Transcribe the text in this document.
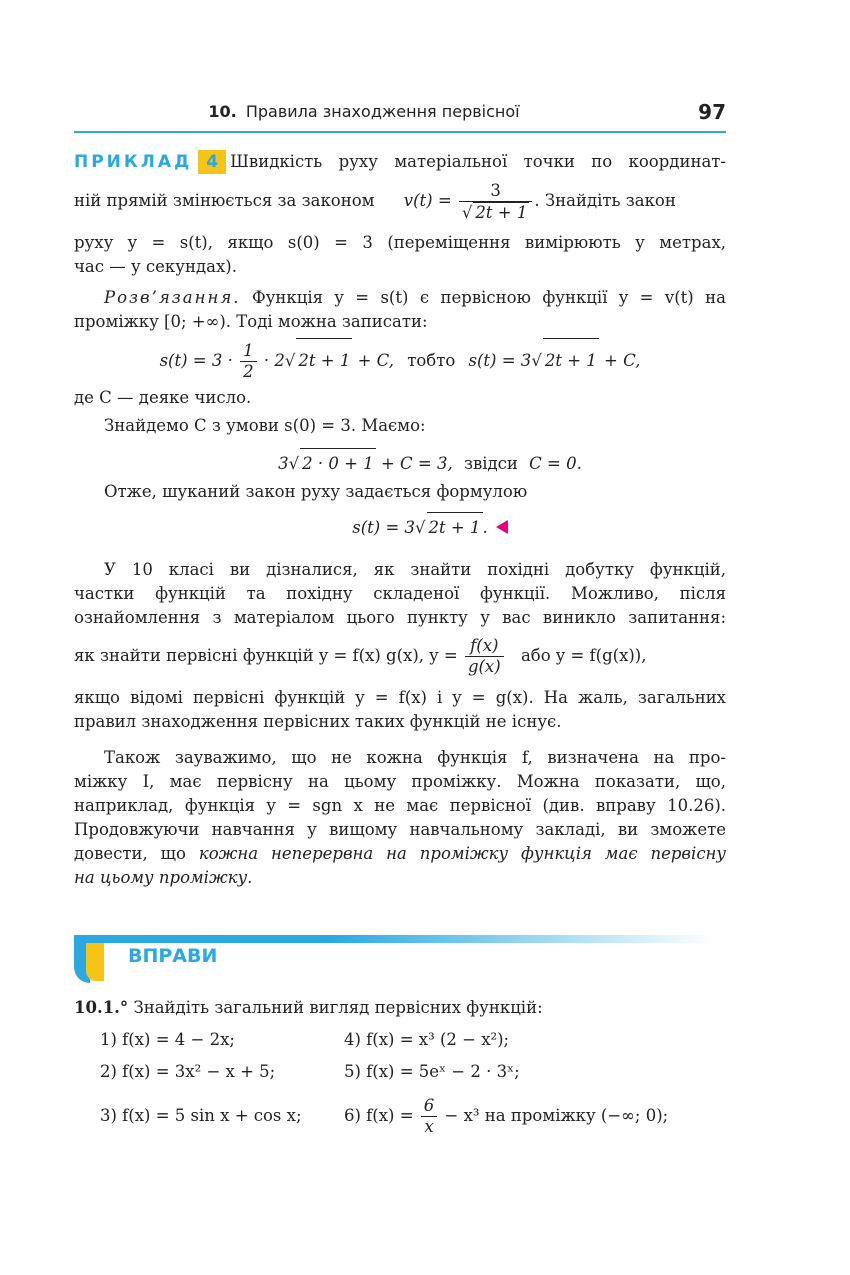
10. Правила знаходження первісної	97
ПРИКЛАД 4 Швидкість руху матеріальної точки по координат-
ній прямій змінюється за законом $v(t) = \frac{3}{√ 2t + 1}$ . Знайдіть закон
руху y = s(t), якщо s(0) = 3 (переміщення вимірюють у метрах,
час — у секундах).
Розв’язання. Функція y = s(t) є первісною функції y = v(t) на
проміжку [0; +∞). Тоді можна записати:
$s(t) = 3 \cdot \frac{1}{2} \cdot 2√$ 2t + 1 + C, тобто s(t) = 3√ 2t + 1 + C,
де C — деяке число.
Знайдемо C з умови s(0) = 3. Маємо:
3√ 2 · 0 + 1 + C = 3, звідси C = 0.
Отже, шуканий закон руху задається формулою
s(t) = 3√ 2t + 1 .
У 10 класі ви дізналися, як знайти похідні добутку функцій,
частки функцій та похідну складеної функції. Можливо, після
ознайомлення з матеріалом цього пункту у вас виникло запитання:
як знайти первісні функцій y = f(x) g(x), $y = \frac{f(x)}{g(x)}$ або y = f(g(x)),
якщо відомі первісні функцій y = f(x) і y = g(x). На жаль, загальних
правил знаходження первісних таких функцій не існує.
Також зауважимо, що не кожна функція f, визначена на про-
міжку I, має первісну на цьому проміжку. Можна показати, що,
наприклад, функція y = sgn x не має первісної (див. вправу 10.26).
Продовжуючи навчання у вищому навчальному закладі, ви зможете
довести, що кожна неперервна на проміжку функція має первісну
на цьому проміжку.
ВПРАВИ
10.1.° Знайдіть загальний вигляд первісних функцій:
1) f(x) = 4 − 2x;
2) f(x) = 3x² − x + 5;
3) f(x) = 5 sin x + cos x;
4) f(x) = x³ (2 − x²);
5) f(x) = 5eˣ − 2 · 3ˣ;
6) $f(x) = \frac{6}{x} - x^3$ на проміжку (−∞; 0);
